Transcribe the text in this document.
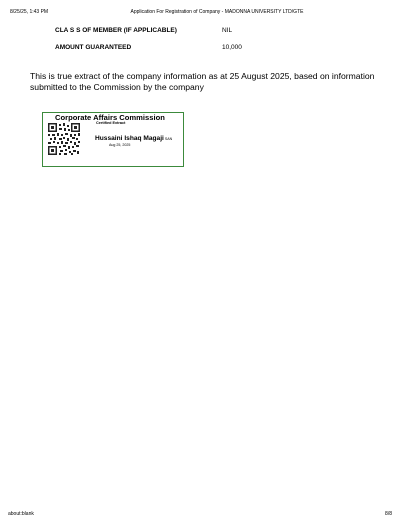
8/25/25, 1:43 PM	Application For Registration of Company - MADONNA UNIVERSITY LTD/GTE
CLA S S OF MEMBER (IF APPLICABLE)	NIL
AMOUNT GUARANTEED	10,000
This is true extract of the company information as at 25 August 2025, based on information submitted to the Commission by the company
Corporate Affairs Commission
Certified Extract
Hussaini Ishaq MagajiSAN
Aug 25, 2025
about:blank	8/8
